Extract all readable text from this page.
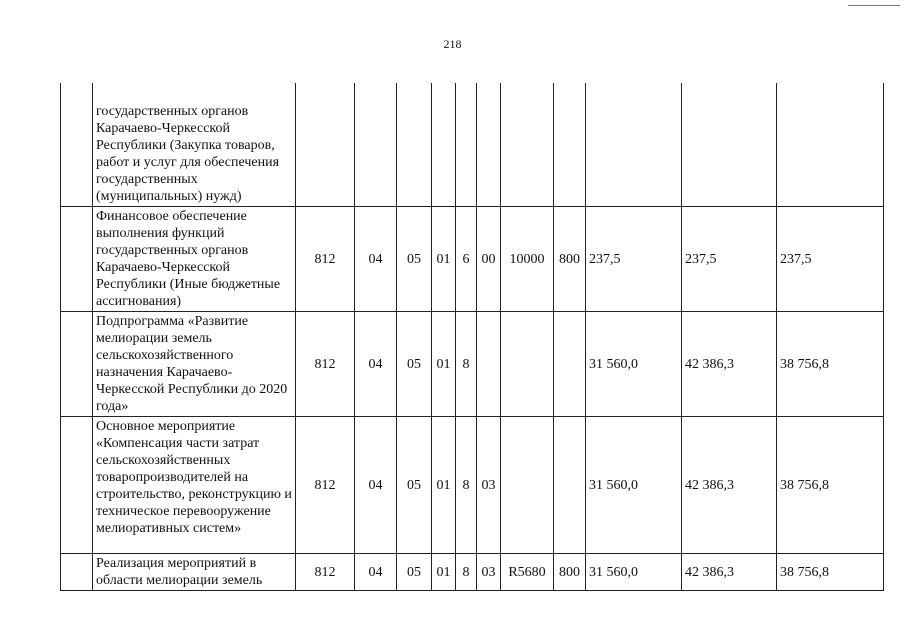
218
	государственных органов Карачаево-Черкесской Республики (Закупка товаров, работ и услуг для обеспечения государственных (муниципальных) нужд)											
	Финансовое обеспечение выполнения функций государственных органов Карачаево-Черкесской Республики (Иные бюджетные ассигнования)	812	04	05	01	6	00	10000	800	237,5	237,5	237,5
	Подпрограмма «Развитие мелиорации земель сельскохозяйственного назначения Карачаево-Черкесской Республики до 2020 года»	812	04	05	01	8				31 560,0	42 386,3	38 756,8
	Основное мероприятие «Компенсация части затрат сельскохозяйственных товаропроизводителей на строительство, реконструкцию и техническое перевооружение мелиоративных систем»	812	04	05	01	8	03			31 560,0	42 386,3	38 756,8
	Реализация мероприятий в области мелиорации земель	812	04	05	01	8	03	R5680	800	31 560,0	42 386,3	38 756,8
